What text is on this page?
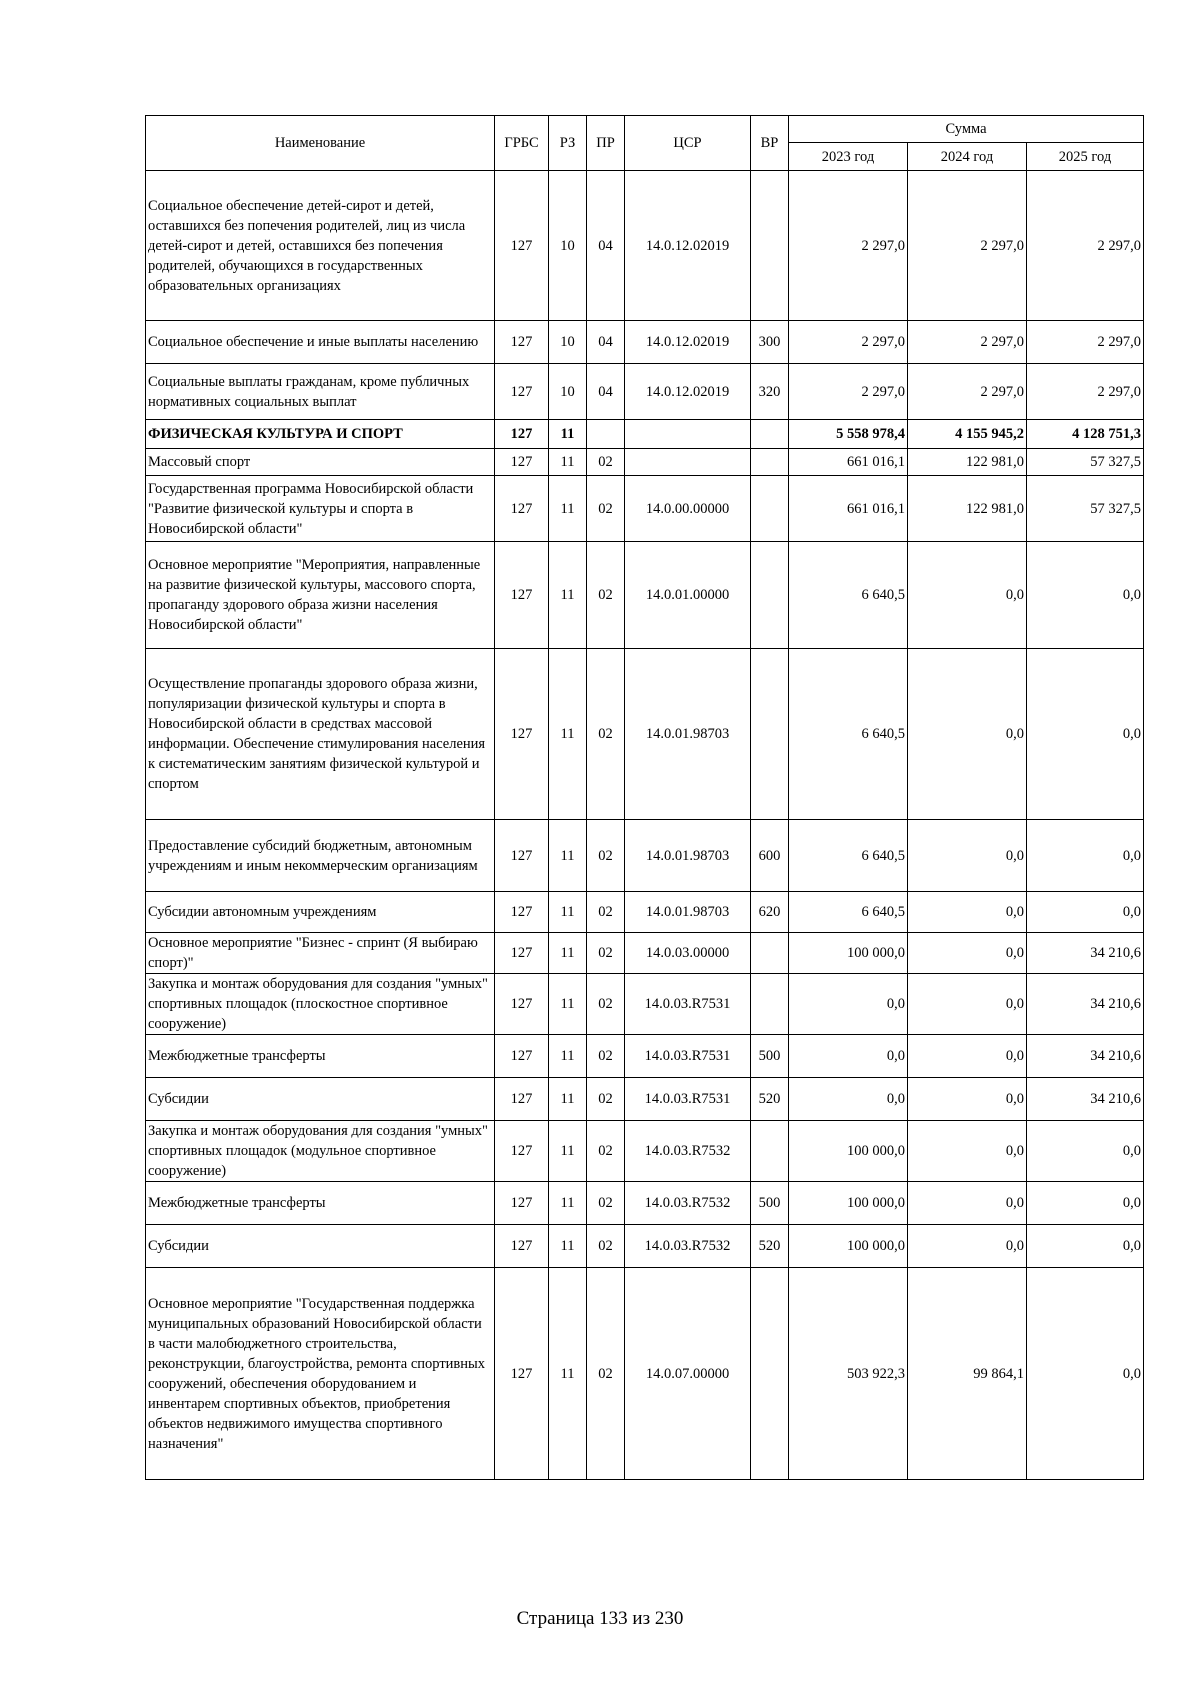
Наименование	ГРБС	РЗ	ПР	ЦСР	ВР	Сумма		
						2023 год	2024 год	2025 год
Социальное обеспечение детей-сирот и детей, оставшихся без попечения родителей, лиц из числа детей-сирот и детей, оставшихся без попечения родителей, обучающихся в государственных образовательных организациях	127	10	04	14.0.12.02019		2 297,0	2 297,0	2 297,0
Социальное обеспечение и иные выплаты населению	127	10	04	14.0.12.02019	300	2 297,0	2 297,0	2 297,0
Социальные выплаты гражданам, кроме публичных нормативных социальных выплат	127	10	04	14.0.12.02019	320	2 297,0	2 297,0	2 297,0
ФИЗИЧЕСКАЯ КУЛЬТУРА И СПОРТ	127	11				5 558 978,4	4 155 945,2	4 128 751,3
Массовый спорт	127	11	02			661 016,1	122 981,0	57 327,5
Государственная программа Новосибирской области "Развитие физической культуры и спорта в Новосибирской области"	127	11	02	14.0.00.00000		661 016,1	122 981,0	57 327,5
Основное мероприятие "Мероприятия, направленные на развитие физической культуры, массового спорта, пропаганду здорового образа жизни населения Новосибирской области"	127	11	02	14.0.01.00000		6 640,5	0,0	0,0
Осуществление пропаганды здорового образа жизни, популяризации физической культуры и спорта в Новосибирской области в средствах массовой информации. Обеспечение стимулирования населения к систематическим занятиям физической культурой и спортом	127	11	02	14.0.01.98703		6 640,5	0,0	0,0
Предоставление субсидий бюджетным, автономным учреждениям и иным некоммерческим организациям	127	11	02	14.0.01.98703	600	6 640,5	0,0	0,0
Субсидии автономным учреждениям	127	11	02	14.0.01.98703	620	6 640,5	0,0	0,0
Основное мероприятие "Бизнес - спринт (Я выбираю спорт)"	127	11	02	14.0.03.00000		100 000,0	0,0	34 210,6
Закупка и монтаж оборудования для создания "умных" спортивных площадок (плоскостное спортивное сооружение)	127	11	02	14.0.03.R7531		0,0	0,0	34 210,6
Межбюджетные трансферты	127	11	02	14.0.03.R7531	500	0,0	0,0	34 210,6
Субсидии	127	11	02	14.0.03.R7531	520	0,0	0,0	34 210,6
Закупка и монтаж оборудования для создания "умных" спортивных площадок (модульное спортивное сооружение)	127	11	02	14.0.03.R7532		100 000,0	0,0	0,0
Межбюджетные трансферты	127	11	02	14.0.03.R7532	500	100 000,0	0,0	0,0
Субсидии	127	11	02	14.0.03.R7532	520	100 000,0	0,0	0,0
Основное мероприятие "Государственная поддержка муниципальных образований Новосибирской области в части малобюджетного строительства, реконструкции, благоустройства, ремонта спортивных сооружений, обеспечения оборудованием и инвентарем спортивных объектов, приобретения объектов недвижимого имущества спортивного назначения"	127	11	02	14.0.07.00000		503 922,3	99 864,1	0,0
Страница 133 из 230
